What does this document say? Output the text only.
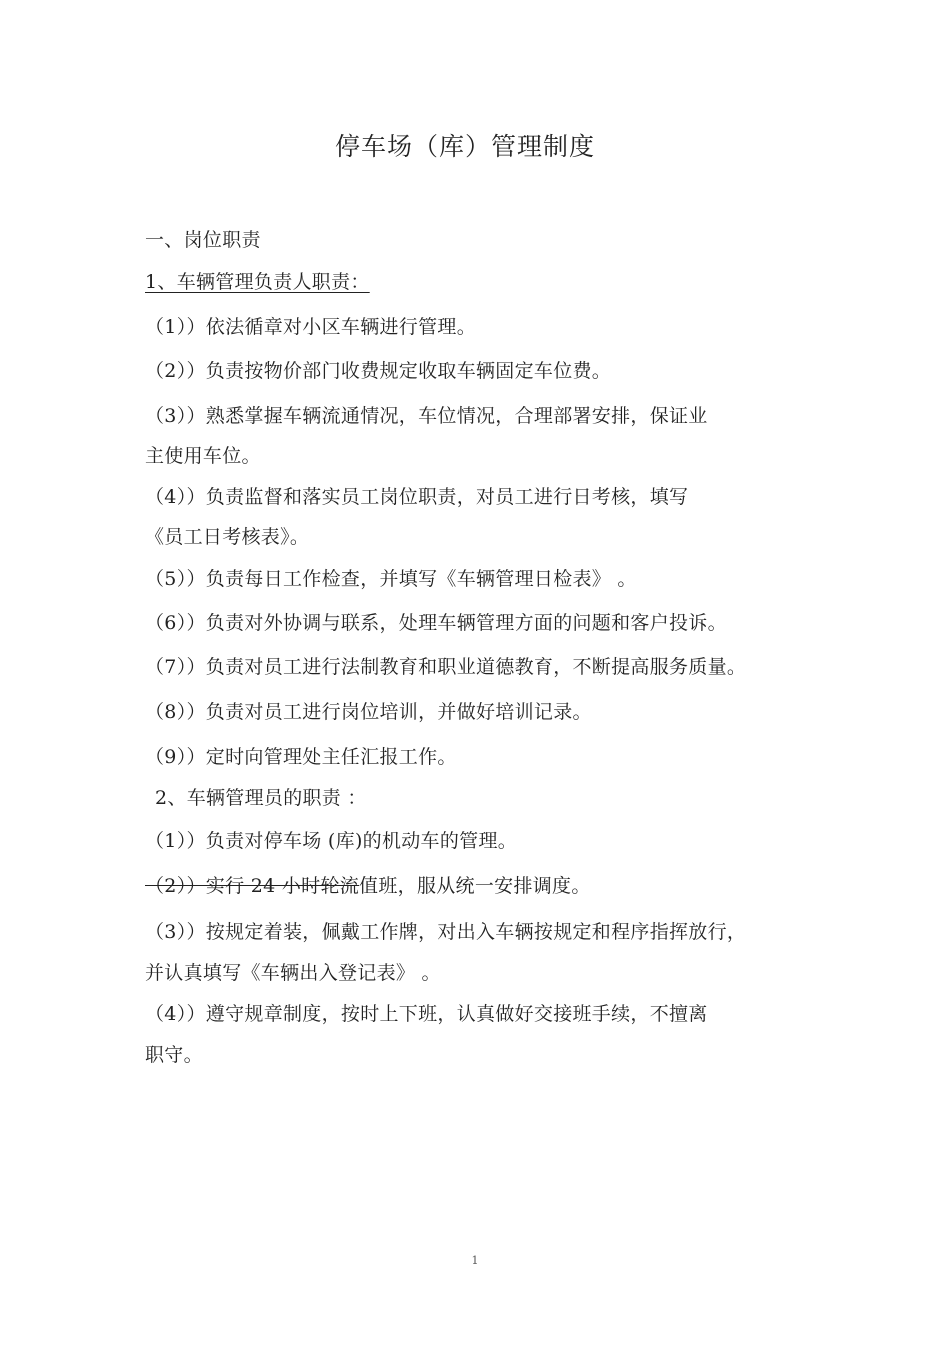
停车场（库）管理制度
一、岗位职责
1、车辆管理负责人职责：
（1））依法循章对小区车辆进行管理。
（2））负责按物价部门收费规定收取车辆固定车位费。
（3））熟悉掌握车辆流通情况，车位情况，合理部署安排，保证业
主使用车位。
（4））负责监督和落实员工岗位职责，对员工进行日考核，填写
《员工日考核表》。
（5））负责每日工作检查，并填写《车辆管理日检表》 。
（6））负责对外协调与联系，处理车辆管理方面的问题和客户投诉。
（7））负责对员工进行法制教育和职业道德教育，不断提高服务质量。
（8））负责对员工进行岗位培训，并做好培训记录。
（9））定时向管理处主任汇报工作。
2、车辆管理员的职责 ：
（1））负责对停车场 (库)的机动车的管理。
（2））实行 24 小时轮流值班，服从统一安排调度。
（3））按规定着装，佩戴工作牌，对出入车辆按规定和程序指挥放行，
并认真填写《车辆出入登记表》 。
（4））遵守规章制度，按时上下班，认真做好交接班手续，不擅离
职守。
1
